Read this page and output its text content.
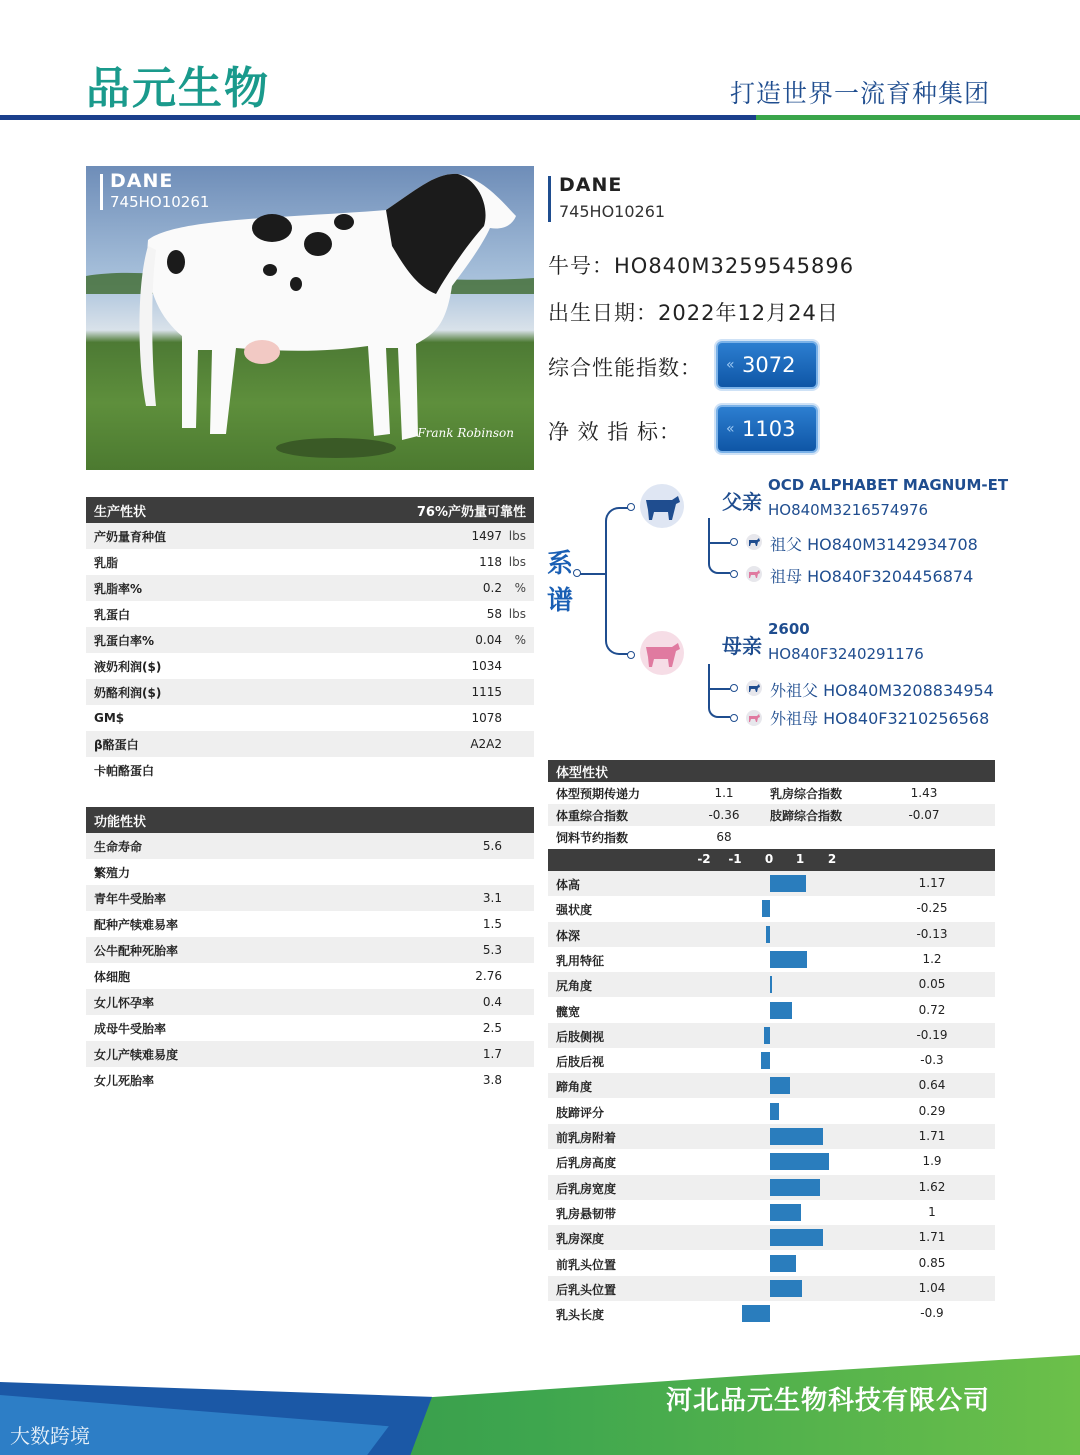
品元生物	打造世界一流育种集团
DANE
745HO10261
Frank Robinson
DANE
745HO10261
牛号：HO840M3259545896
出生日期：2022年12月24日
综合性能指数： « 3072
净 效 指 标：	« 1103
生产性状	76%产奶量可靠性
产奶量育种值	1497 lbs
乳脂	118 lbs
乳脂率%	0.2	%
乳蛋白	58 lbs
乳蛋白率%	0.04	%
液奶利润($)	1034
奶酪利润($)	1115
GM$	1078
β酪蛋白	A2A2
卡帕酪蛋白
功能性状
生命寿命	5.6
繁殖力
青年牛受胎率	3.1
配种产犊难易率	1.5
公牛配种死胎率	5.3
体细胞	2.76
女儿怀孕率	0.4
成母牛受胎率	2.5
女儿产犊难易度	1.7
女儿死胎率	3.8
系
谱
父亲
OCD ALPHABET MAGNUM-ET
HO840M3216574976
祖父 HO840M3142934708
祖母 HO840F3204456874
母亲
2600
HO840F3240291176
外祖父 HO840M3208834954
外祖母 HO840F3210256568
体型性状
体型预期传递力	1.1	乳房综合指数	1.43
体重综合指数	-0.36	肢蹄综合指数	-0.07
饲料节约指数	68
-2 -1	0	1	2
体高	1.17
强状度	-0.25
体深	-0.13
乳用特征	1.2
尻角度	0.05
髋宽	0.72
后肢侧视	-0.19
后肢后视	-0.3
蹄角度	0.64
肢蹄评分	0.29
前乳房附着	1.71
后乳房高度	1.9
后乳房宽度	1.62
乳房悬韧带	1
乳房深度	1.71
前乳头位置	0.85
后乳头位置	1.04
乳头长度	-0.9
河北品元生物科技有限公司
大数跨境
